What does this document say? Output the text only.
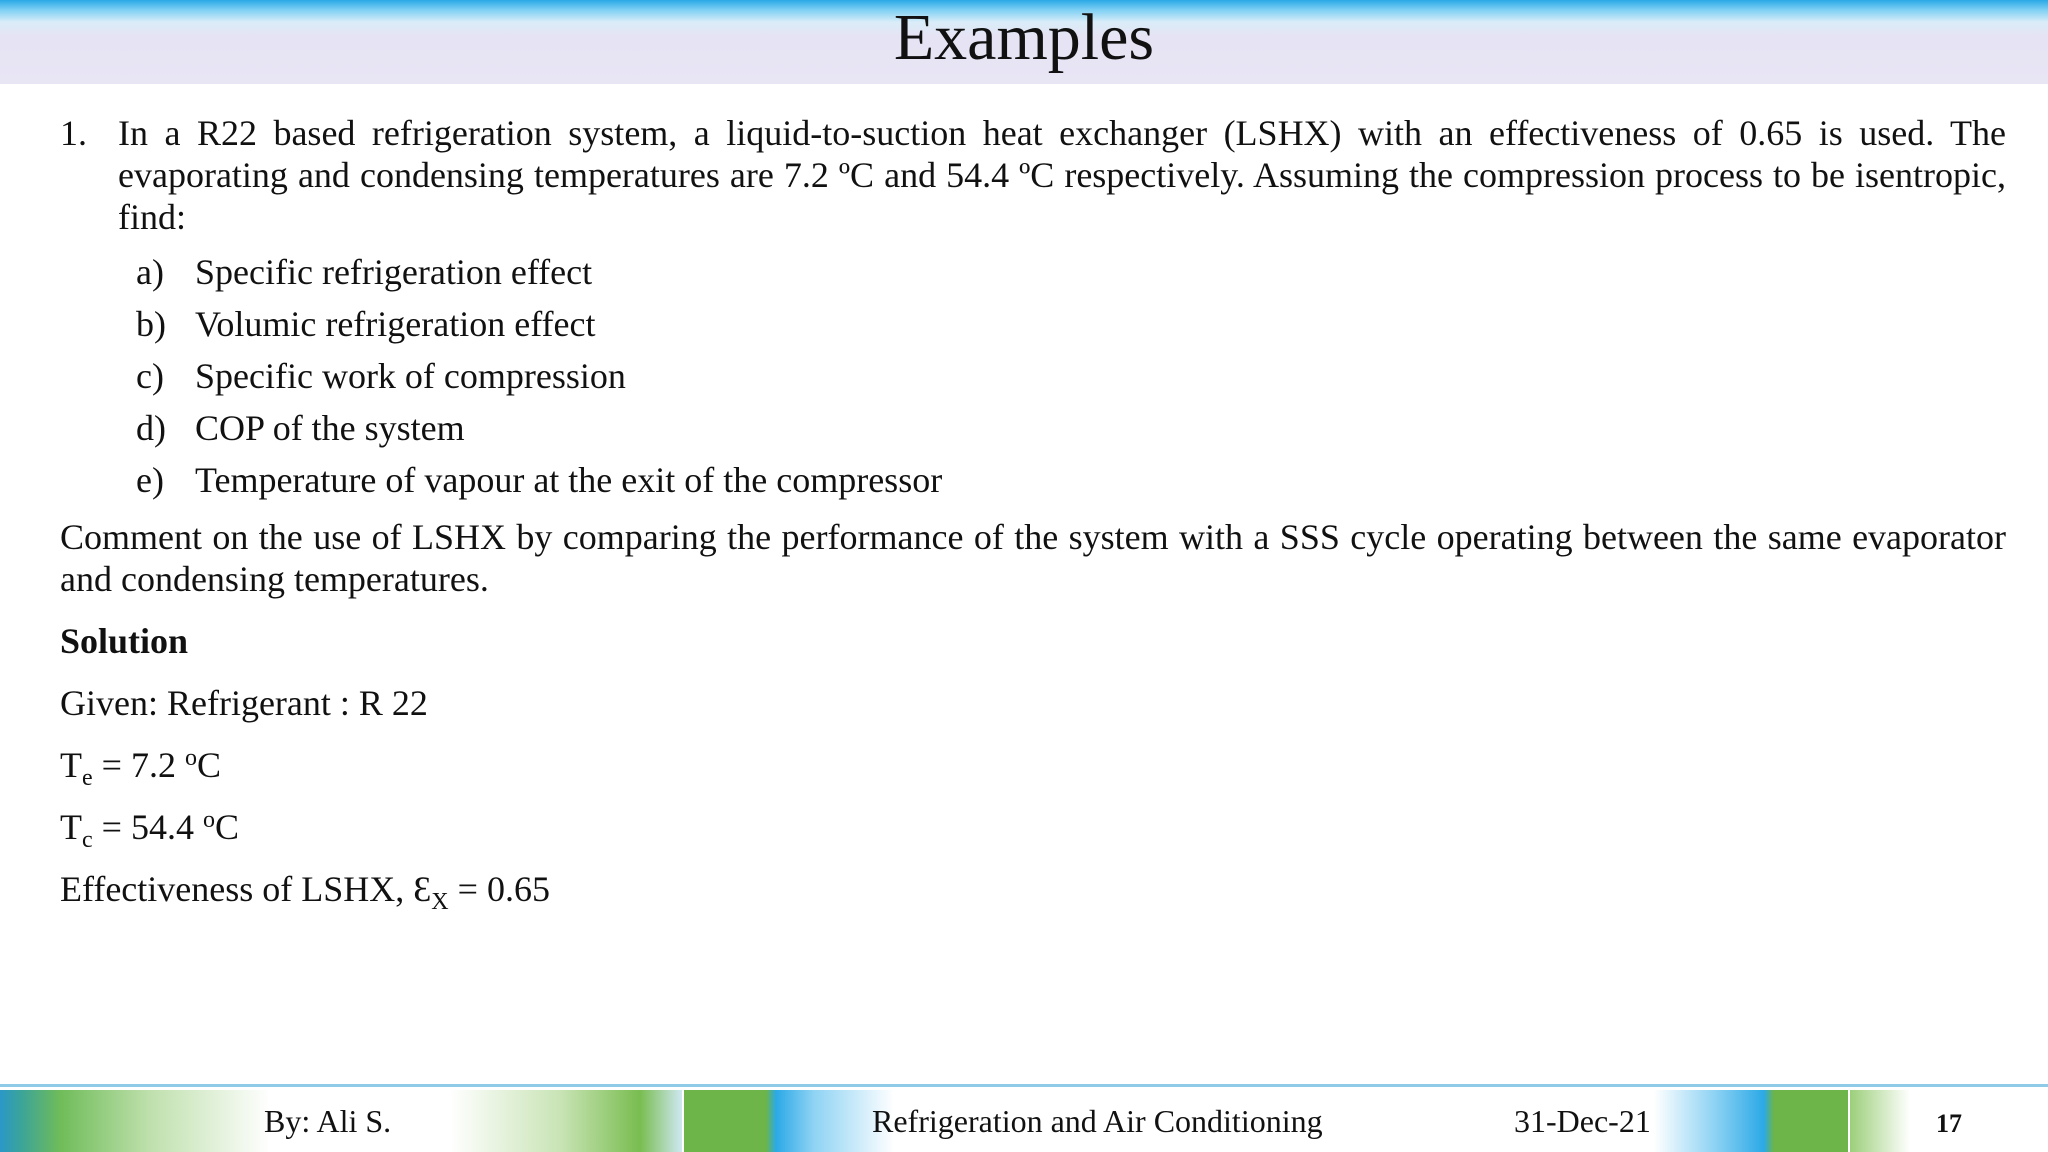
Examples
1. In a R22 based refrigeration system, a liquid-to-suction heat exchanger (LSHX) with an effectiveness of 0.65 is used. The evaporating and condensing temperatures are 7.2 ºC and 54.4 ºC respectively. Assuming the compression process to be isentropic, find:
a) Specific refrigeration effect
b) Volumic refrigeration effect
c) Specific work of compression
d) COP of the system
e) Temperature of vapour at the exit of the compressor
Comment on the use of LSHX by comparing the performance of the system with a SSS cycle operating between the same evaporator and condensing temperatures.
Solution
Given: Refrigerant : R 22
$T_e = 7.2$ $^o$C
$T_c = 54.4$ $^o$C
Effectiveness of LSHX, $Ɛ_X = 0.65$
By: Ali S.	Refrigeration and Air Conditioning	31-Dec-21	17
